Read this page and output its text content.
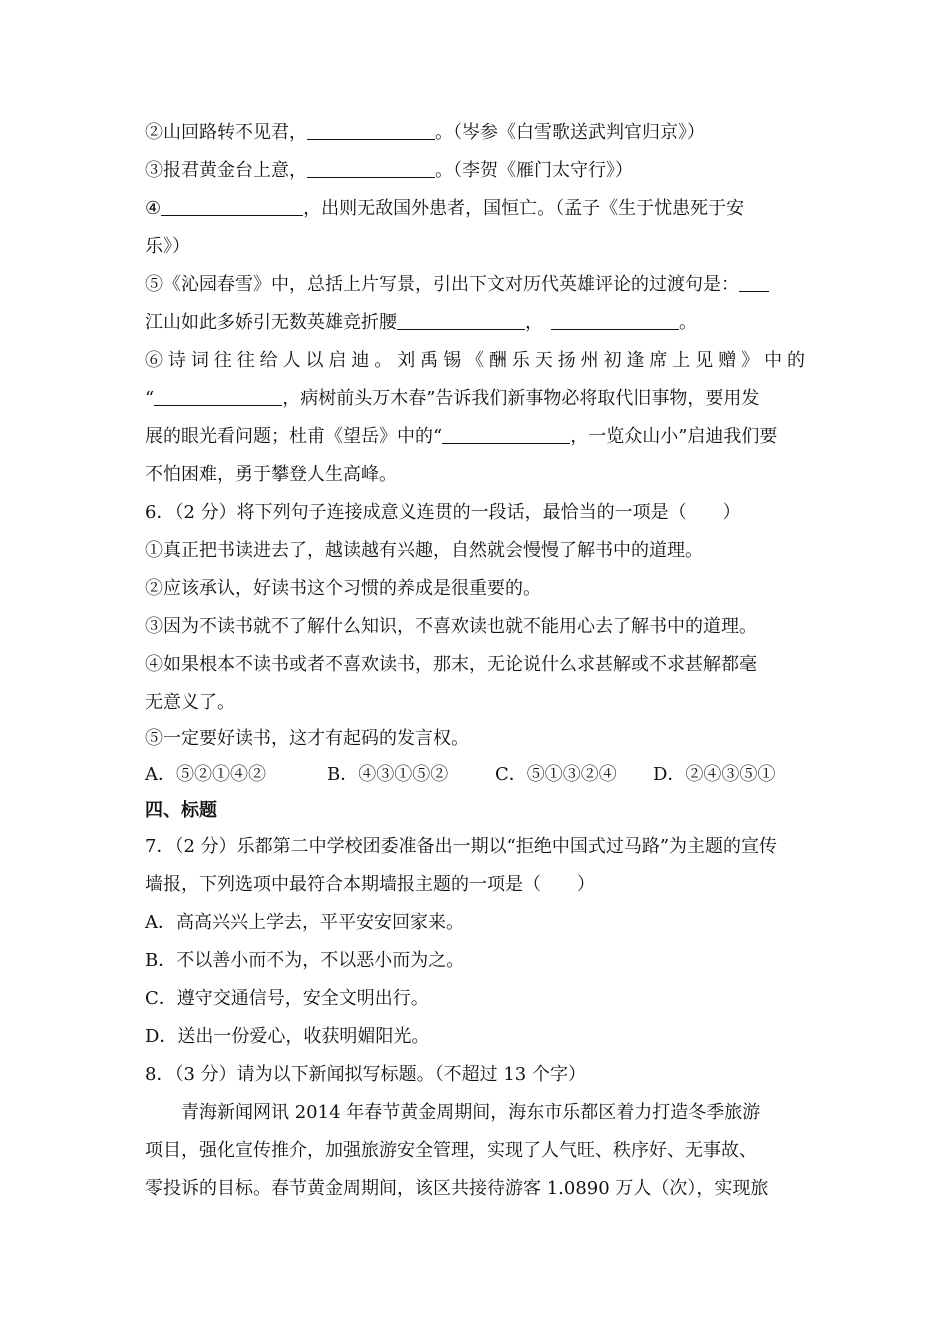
②山回路转不见君，	。（岑参《白雪歌送武判官归京》）
③报君黄金台上意，	。（李贺《雁门太守行》）
④	，出则无敌国外患者，国恒亡。（孟子《生于忧患死于安
乐》）
⑤《沁园春雪》中，总括上片写景，引出下文对历代英雄评论的过渡句是：
江山如此多娇引无数英雄竞折腰	，	。
⑥诗词往往给人以启迪。刘禹锡《酬乐天扬州初逢席上见赠》中的
“	，病树前头万木春”告诉我们新事物必将取代旧事物，要用发
展的眼光看问题；杜甫《望岳》中的“	，一览众山小”启迪我们要
不怕困难，勇于攀登人生高峰。
6．（2 分）将下列句子连接成意义连贯的一段话，最恰当的一项是（　　）
①真正把书读进去了，越读越有兴趣，自然就会慢慢了解书中的道理。
②应该承认，好读书这个习惯的养成是很重要的。
③因为不读书就不了解什么知识，不喜欢读也就不能用心去了解书中的道理。
④如果根本不读书或者不喜欢读书，那末，无论说什么求甚解或不求甚解都毫
无意义了。
⑤一定要好读书，这才有起码的发言权。
A．⑤②①④②	B．④③①⑤②	C．⑤①③②④ D．②④③⑤①
四、标题
7．（2 分）乐都第二中学校团委准备出一期以“拒绝中国式过马路”为主题的宣传
墙报，下列选项中最符合本期墙报主题的一项是（　　）
A．高高兴兴上学去，平平安安回家来。
B．不以善小而不为，不以恶小而为之。
C．遵守交通信号，安全文明出行。
D．送出一份爱心，收获明媚阳光。
8．（3 分）请为以下新闻拟写标题。（不超过 13 个字）
　　青海新闻网讯 2014 年春节黄金周期间，海东市乐都区着力打造冬季旅游
项目，强化宣传推介，加强旅游安全管理，实现了人气旺、秩序好、无事故、
零投诉的目标。春节黄金周期间，该区共接待游客 1.0890 万人（次），实现旅
